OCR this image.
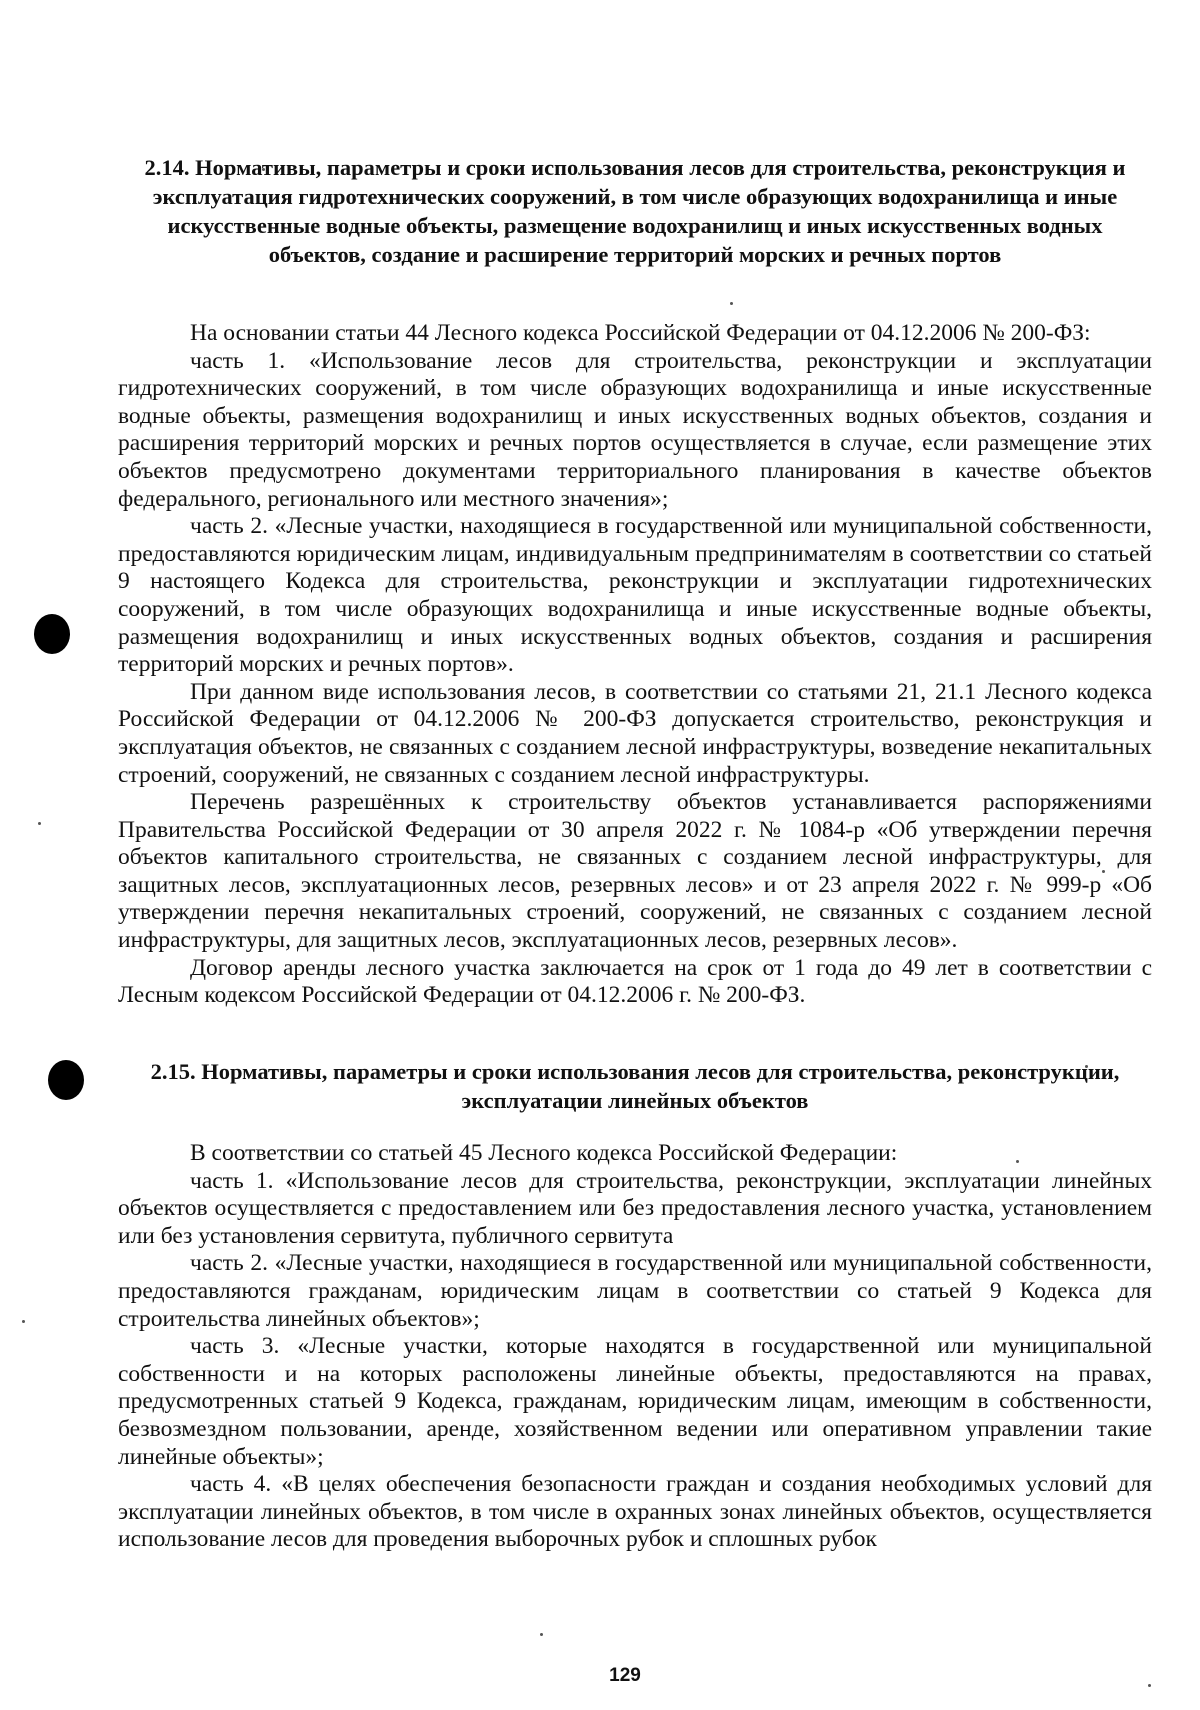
2.14. Нормативы, параметры и сроки использования лесов для строительства, реконструкция и эксплуатация гидротехнических сооружений, в том числе образующих водохранилища и иные искусственные водные объекты, размещение водохранилищ и иных искусственных водных объектов, создание и расширение территорий морских и речных портов

На основании статьи 44 Лесного кодекса Российской Федерации от 04.12.2006 № 200-ФЗ:

часть 1. «Использование лесов для строительства, реконструкции и эксплуатации гидротехнических сооружений, в том числе образующих водохранилища и иные искусственные водные объекты, размещения водохранилищ и иных искусственных водных объектов, создания и расширения территорий морских и речных портов осуществляется в случае, если размещение этих объектов предусмотрено документами территориального планирования в качестве объектов федерального, регионального или местного значения»;

часть 2. «Лесные участки, находящиеся в государственной или муниципальной собственности, предоставляются юридическим лицам, индивидуальным предпринимателям в соответствии со статьей 9 настоящего Кодекса для строительства, реконструкции и эксплуатации гидротехнических сооружений, в том числе образующих водохранилища и иные искусственные водные объекты, размещения водохранилищ и иных искусственных водных объектов, создания и расширения территорий морских и речных портов».

При данном виде использования лесов, в соответствии со статьями 21, 21.1 Лесного кодекса Российской Федерации от 04.12.2006 № 200-ФЗ допускается строительство, реконструкция и эксплуатация объектов, не связанных с созданием лесной инфраструктуры, возведение некапитальных строений, сооружений, не связанных с созданием лесной инфраструктуры.

Перечень разрешённых к строительству объектов устанавливается распоряжениями Правительства Российской Федерации от 30 апреля 2022 г. № 1084-р «Об утверждении перечня объектов капитального строительства, не связанных с созданием лесной инфраструктуры, для защитных лесов, эксплуатационных лесов, резервных лесов» и от 23 апреля 2022 г. № 999-р «Об утверждении перечня некапитальных строений, сооружений, не связанных с созданием лесной инфраструктуры, для защитных лесов, эксплуатационных лесов, резервных лесов».

Договор аренды лесного участка заключается на срок от 1 года до 49 лет в соответствии с Лесным кодексом Российской Федерации от 04.12.2006 г. № 200-ФЗ.

2.15. Нормативы, параметры и сроки использования лесов для строительства, реконструкции, эксплуатации линейных объектов

В соответствии со статьей 45 Лесного кодекса Российской Федерации:

часть 1. «Использование лесов для строительства, реконструкции, эксплуатации линейных объектов осуществляется с предоставлением или без предоставления лесного участка, установлением или без установления сервитута, публичного сервитута

часть 2. «Лесные участки, находящиеся в государственной или муниципальной собственности, предоставляются гражданам, юридическим лицам в соответствии со статьей 9 Кодекса для строительства линейных объектов»;

часть 3. «Лесные участки, которые находятся в государственной или муниципальной собственности и на которых расположены линейные объекты, предоставляются на правах, предусмотренных статьей 9 Кодекса, гражданам, юридическим лицам, имеющим в собственности, безвозмездном пользовании, аренде, хозяйственном ведении или оперативном управлении такие линейные объекты»;

часть 4. «В целях обеспечения безопасности граждан и создания необходимых условий для эксплуатации линейных объектов, в том числе в охранных зонах линейных объектов, осуществляется использование лесов для проведения выборочных рубок и сплошных рубок

129
